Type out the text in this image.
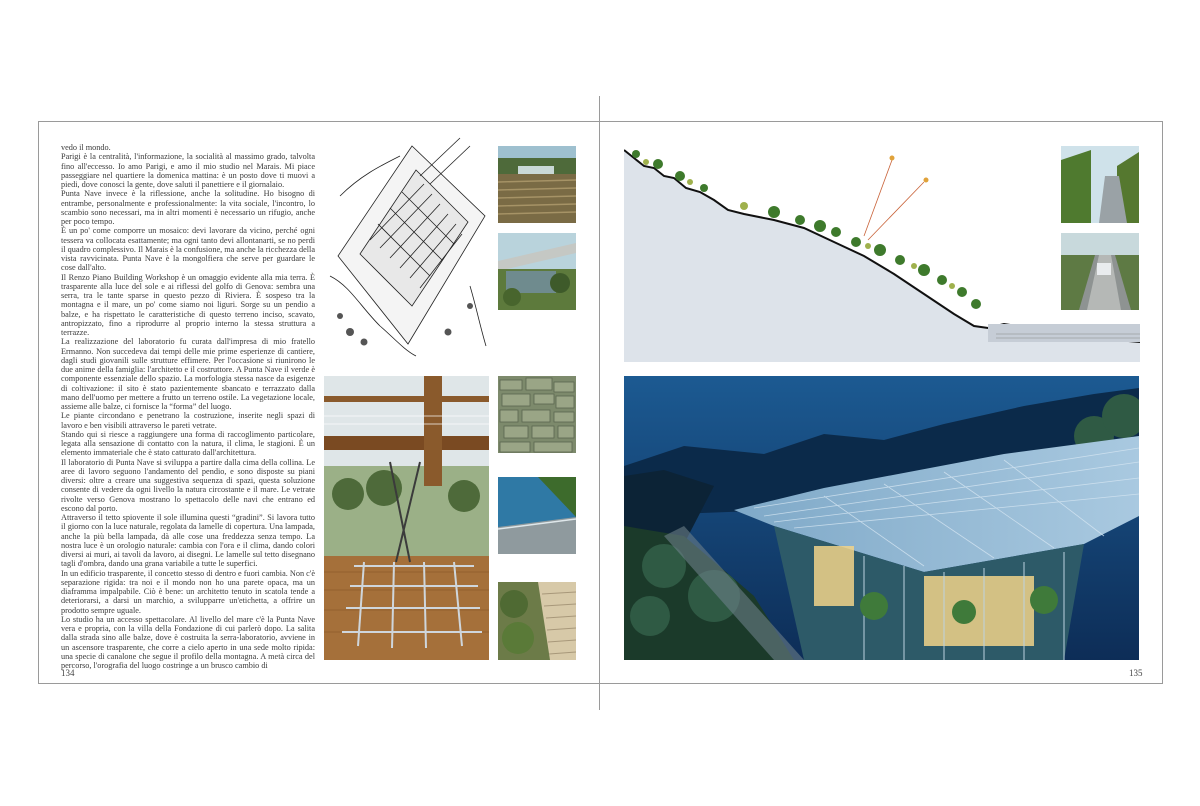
vedo il mondo.

Parigi è la centralità, l'informazione, la socialità al massimo grado, talvolta fino all'eccesso. Io amo Parigi, e amo il mio studio nel Marais. Mi piace passeggiare nel quartiere la domenica mattina: è un posto dove ti muovi a piedi, dove conosci la gente, dove saluti il panettiere e il giornalaio.

Punta Nave invece è la riflessione, anche la solitudine. Ho bisogno di entrambe, personalmente e professionalmente: la vita sociale, l'incontro, lo scambio sono necessari, ma in altri momenti è necessario un rifugio, anche per poco tempo.

È un po' come comporre un mosaico: devi lavorare da vicino, perché ogni tessera va collocata esattamente; ma ogni tanto devi allontanarti, se no perdi il quadro complessivo. Il Marais è la confusione, ma anche la ricchezza della vista ravvicinata. Punta Nave è la mongolfiera che serve per guardare le cose dall'alto.

Il Renzo Piano Building Workshop è un omaggio evidente alla mia terra. È trasparente alla luce del sole e ai riflessi del golfo di Genova: sembra una serra, tra le tante sparse in questo pezzo di Riviera. È sospeso tra la montagna e il mare, un po' come siamo noi liguri. Sorge su un pendio a balze, e ha rispettato le caratteristiche di questo terreno inciso, scavato, antropizzato, fino a riprodurre al proprio interno la stessa struttura a terrazze.

La realizzazione del laboratorio fu curata dall'impresa di mio fratello Ermanno. Non succedeva dai tempi delle mie prime esperienze di cantiere, dagli studi giovanili sulle strutture effimere. Per l'occasione si riunirono le due anime della famiglia: l'architetto e il costruttore. A Punta Nave il verde è componente essenziale dello spazio. La morfologia stessa nasce da esigenze di coltivazione: il sito è stato pazientemente sbancato e terrazzato dalla mano dell'uomo per mettere a frutto un terreno ostile. La vegetazione locale, assieme alle balze, ci fornisce la “forma” del luogo.

Le piante circondano e penetrano la costruzione, inserite negli spazi di lavoro e ben visibili attraverso le pareti vetrate.

Stando qui si riesce a raggiungere una forma di raccoglimento particolare, legata alla sensazione di contatto con la natura, il clima, le stagioni. È un elemento immateriale che è stato catturato dall'architettura.

Il laboratorio di Punta Nave si sviluppa a partire dalla cima della collina. Le aree di lavoro seguono l'andamento del pendio, e sono disposte su piani diversi: oltre a creare una suggestiva sequenza di spazi, questa soluzione consente di vedere da ogni livello la natura circostante e il mare. Le vetrate rivolte verso Genova mostrano lo spettacolo delle navi che entrano ed escono dal porto.

Attraverso il tetto spiovente il sole illumina questi “gradini”. Si lavora tutto il giorno con la luce naturale, regolata da lamelle di copertura. Una lampada, anche la più bella lampada, dà alle cose una freddezza senza tempo. La nostra luce è un orologio naturale: cambia con l'ora e il clima, dando colori diversi ai muri, ai tavoli da lavoro, ai disegni. Le lamelle sul tetto disegnano tagli d'ombra, dando una grana variabile a tutte le superfici.

In un edificio trasparente, il concetto stesso di dentro e fuori cambia. Non c'è separazione rigida: tra noi e il mondo non ho una parete opaca, ma un diaframma impalpabile. Ciò è bene: un architetto tenuto in scatola tende a deteriorarsi, a darsi un marchio, a svilupparre un'etichetta, a offrire un prodotto sempre uguale.

Lo studio ha un accesso spettacolare. Al livello del mare c'è la Punta Nave vera e propria, con la villa della Fondazione di cui parlerò dopo. La salita dalla strada sino alle balze, dove è costruita la serra-laboratorio, avviene in un ascensore trasparente, che corre a cielo aperto in una sede molto ripida: una specie di canalone che segue il profilo della montagna. A metà circa del percorso, l'orografia del luogo costringe a un brusco cambio di

134	135
